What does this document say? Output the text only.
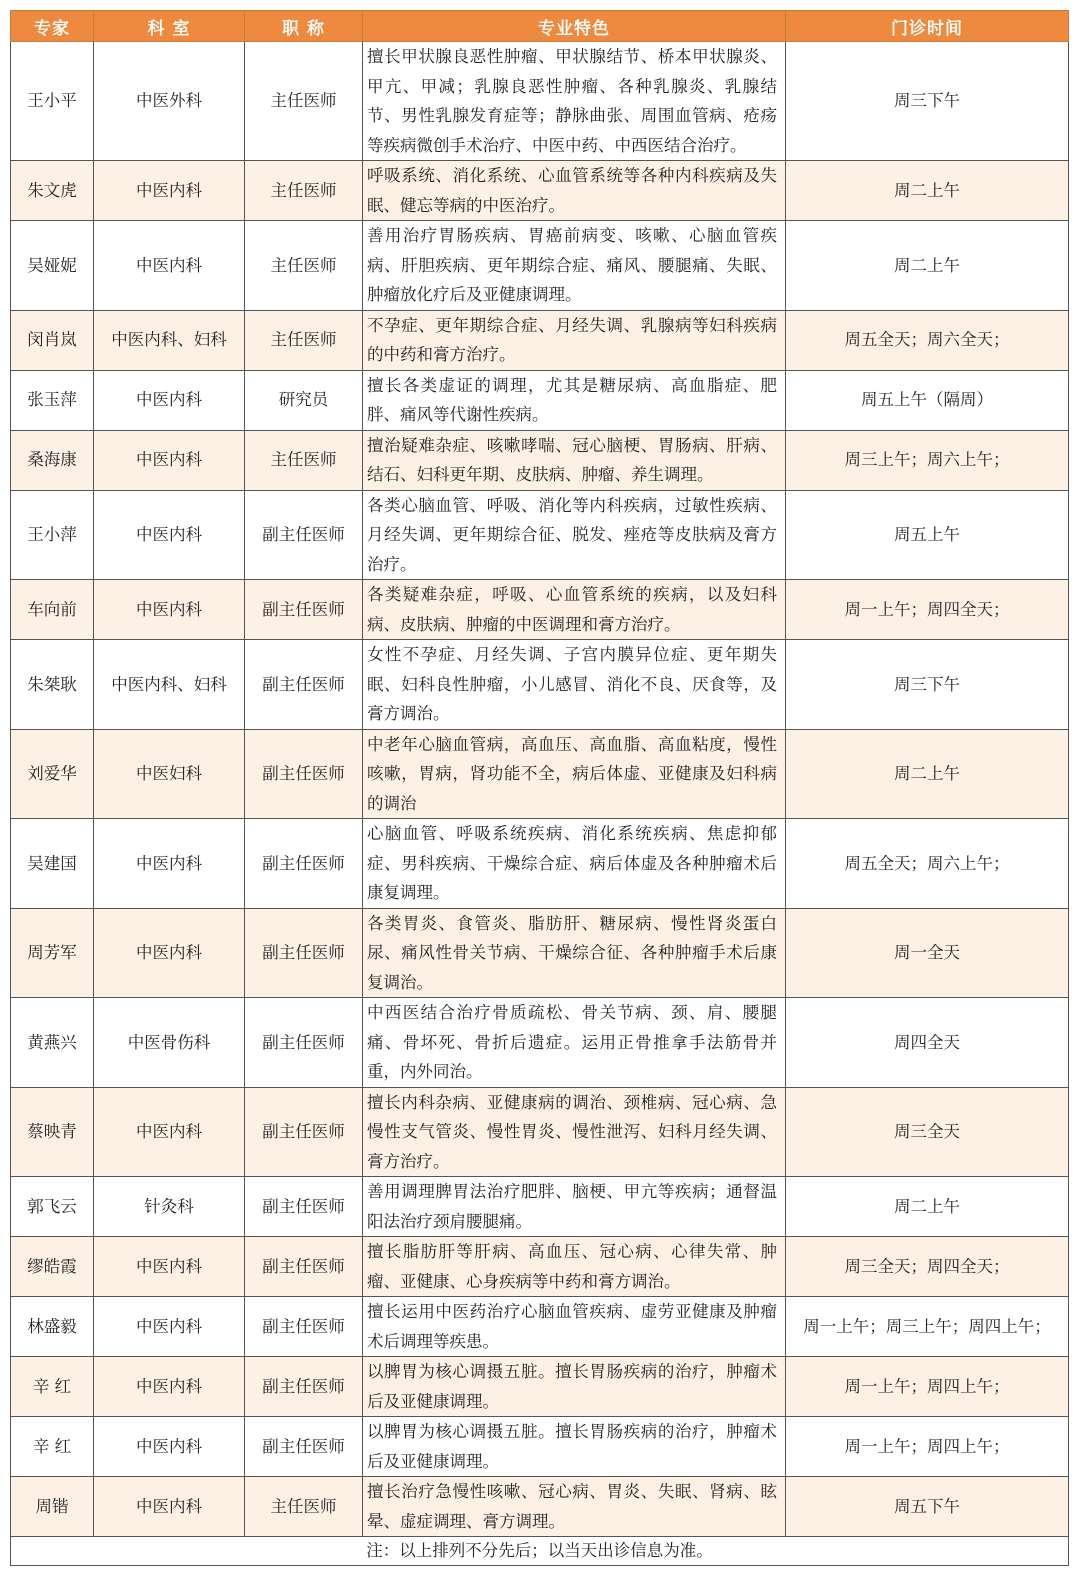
专家	科 室	职 称	专业特色	门诊时间
王小平	中医外科	主任医师	擅长甲状腺良恶性肿瘤、甲状腺结节、桥本甲状腺炎、甲亢、甲减；乳腺良恶性肿瘤、各种乳腺炎、乳腺结节、男性乳腺发育症等；静脉曲张、周围血管病、疮疡等疾病微创手术治疗、中医中药、中西医结合治疗。	周三下午
朱文虎	中医内科	主任医师	呼吸系统、消化系统、心血管系统等各种内科疾病及失眠、健忘等病的中医治疗。	周二上午
吴娅妮	中医内科	主任医师	善用治疗胃肠疾病、胃癌前病变、咳嗽、心脑血管疾病、肝胆疾病、更年期综合症、痛风、腰腿痛、失眠、肿瘤放化疗后及亚健康调理。	周二上午
闵肖岚	中医内科、妇科	主任医师	不孕症、更年期综合症、月经失调、乳腺病等妇科疾病的中药和膏方治疗。	周五全天；周六全天；
张玉萍	中医内科	研究员	擅长各类虚证的调理，尤其是糖尿病、高血脂症、肥胖、痛风等代谢性疾病。	周五上午（隔周）
桑海康	中医内科	主任医师	擅治疑难杂症、咳嗽哮喘、冠心脑梗、胃肠病、肝病、结石、妇科更年期、皮肤病、肿瘤、养生调理。	周三上午；周六上午；
王小萍	中医内科	副主任医师	各类心脑血管、呼吸、消化等内科疾病，过敏性疾病、月经失调、更年期综合征、脱发、痤疮等皮肤病及膏方治疗。	周五上午
车向前	中医内科	副主任医师	各类疑难杂症，呼吸、心血管系统的疾病，以及妇科病、皮肤病、肿瘤的中医调理和膏方治疗。	周一上午；周四全天；
朱桀耿	中医内科、妇科	副主任医师	女性不孕症、月经失调、子宫内膜异位症、更年期失眠、妇科良性肿瘤，小儿感冒、消化不良、厌食等，及膏方调治。	周三下午
刘爱华	中医妇科	副主任医师	中老年心脑血管病，高血压、高血脂、高血粘度，慢性咳嗽，胃病，肾功能不全，病后体虚、亚健康及妇科病的调治	周二上午
吴建国	中医内科	副主任医师	心脑血管、呼吸系统疾病、消化系统疾病、焦虑抑郁症、男科疾病、干燥综合症、病后体虚及各种肿瘤术后康复调理。	周五全天；周六上午；
周芳军	中医内科	副主任医师	各类胃炎、食管炎、脂肪肝、糖尿病、慢性肾炎蛋白尿、痛风性骨关节病、干燥综合征、各种肿瘤手术后康复调治。	周一全天
黄燕兴	中医骨伤科	副主任医师	中西医结合治疗骨质疏松、骨关节病、颈、肩、腰腿痛、骨坏死、骨折后遗症。运用正骨推拿手法筋骨并重，内外同治。	周四全天
蔡映青	中医内科	副主任医师	擅长内科杂病、亚健康病的调治、颈椎病、冠心病、急慢性支气管炎、慢性胃炎、慢性泄泻、妇科月经失调、膏方治疗。	周三全天
郭飞云	针灸科	副主任医师	善用调理脾胃法治疗肥胖、脑梗、甲亢等疾病；通督温阳法治疗颈肩腰腿痛。	周二上午
缪皓霞	中医内科	副主任医师	擅长脂肪肝等肝病、高血压、冠心病、心律失常、肿瘤、亚健康、心身疾病等中药和膏方调治。	周三全天；周四全天；
林盛毅	中医内科	副主任医师	擅长运用中医药治疗心脑血管疾病、虚劳亚健康及肿瘤术后调理等疾患。	周一上午；周三上午；周四上午；
辛 红	中医内科	副主任医师	以脾胃为核心调摄五脏。擅长胃肠疾病的治疗，肿瘤术后及亚健康调理。	周一上午；周四上午；
辛 红	中医内科	副主任医师	以脾胃为核心调摄五脏。擅长胃肠疾病的治疗，肿瘤术后及亚健康调理。	周一上午；周四上午；
周锴	中医内科	主任医师	擅长治疗急慢性咳嗽、冠心病、胃炎、失眠、肾病、眩晕、虚症调理、膏方调理。	周五下午
注：以上排列不分先后；以当天出诊信息为准。				
